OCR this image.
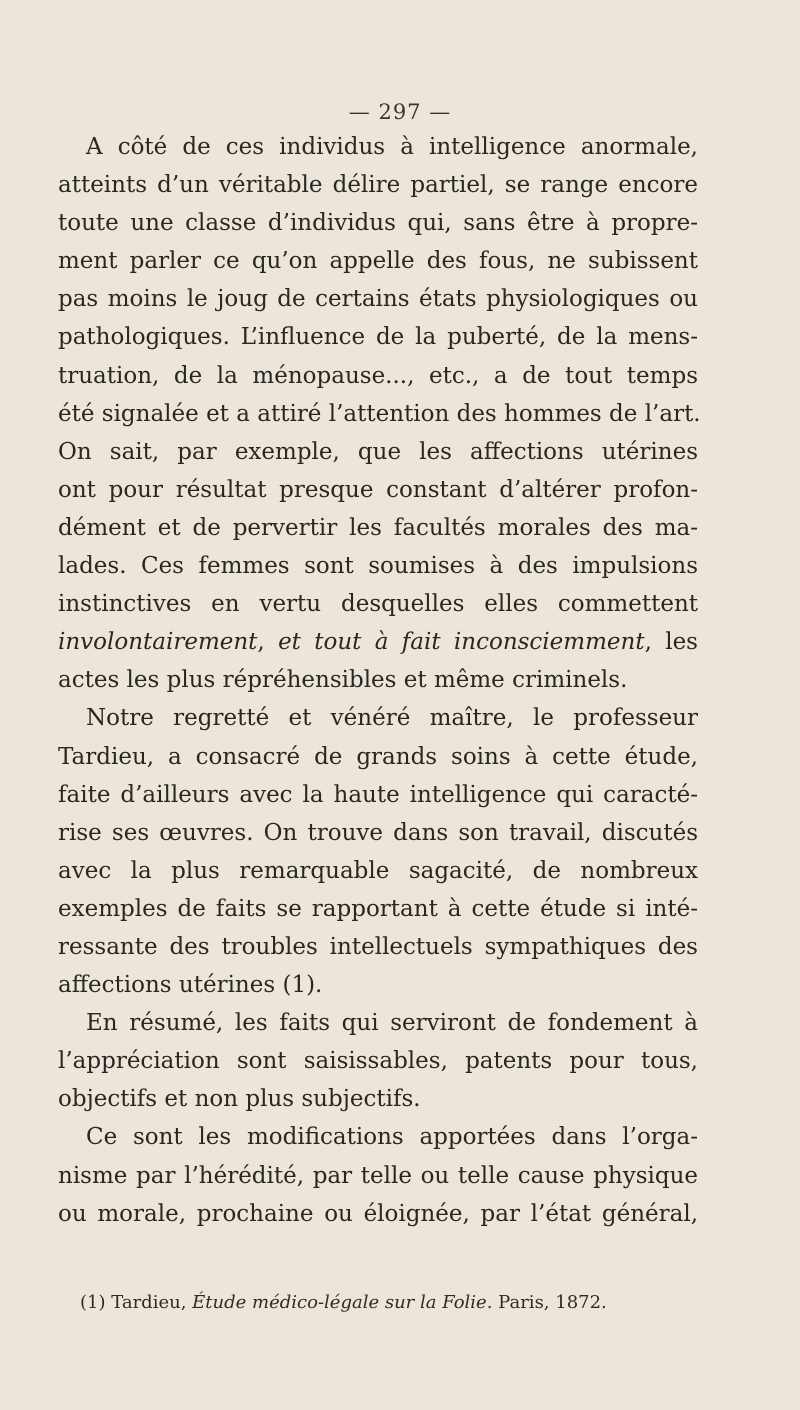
— 297 —
A côté de ces individus à intelligence anormale,
atteints d’un véritable délire partiel, se range encore
toute une classe d’individus qui, sans être à propre-
ment parler ce qu’on appelle des fous, ne subissent
pas moins le joug de certains états physiologiques ou
pathologiques. L’influence de la puberté, de la mens-
truation, de la ménopause..., etc., a de tout temps
été signalée et a attiré l’attention des hommes de l’art.
On sait, par exemple, que les affections utérines
ont pour résultat presque constant d’altérer profon-
dément et de pervertir les facultés morales des ma-
lades. Ces femmes sont soumises à des impulsions
instinctives en vertu desquelles elles commettent
involontairement, et tout à fait inconsciemment, les
actes les plus répréhensibles et même criminels.
Notre regretté et vénéré maître, le professeur
Tardieu, a consacré de grands soins à cette étude,
faite d’ailleurs avec la haute intelligence qui caracté-
rise ses œuvres. On trouve dans son travail, discutés
avec la plus remarquable sagacité, de nombreux
exemples de faits se rapportant à cette étude si inté-
ressante des troubles intellectuels sympathiques des
affections utérines (1).
En résumé, les faits qui serviront de fondement à
l’appréciation sont saisissables, patents pour tous,
objectifs et non plus subjectifs.
Ce sont les modifications apportées dans l’orga-
nisme par l’hérédité, par telle ou telle cause physique
ou morale, prochaine ou éloignée, par l’état général,
(1) Tardieu, Étude médico-légale sur la Folie. Paris, 1872.
